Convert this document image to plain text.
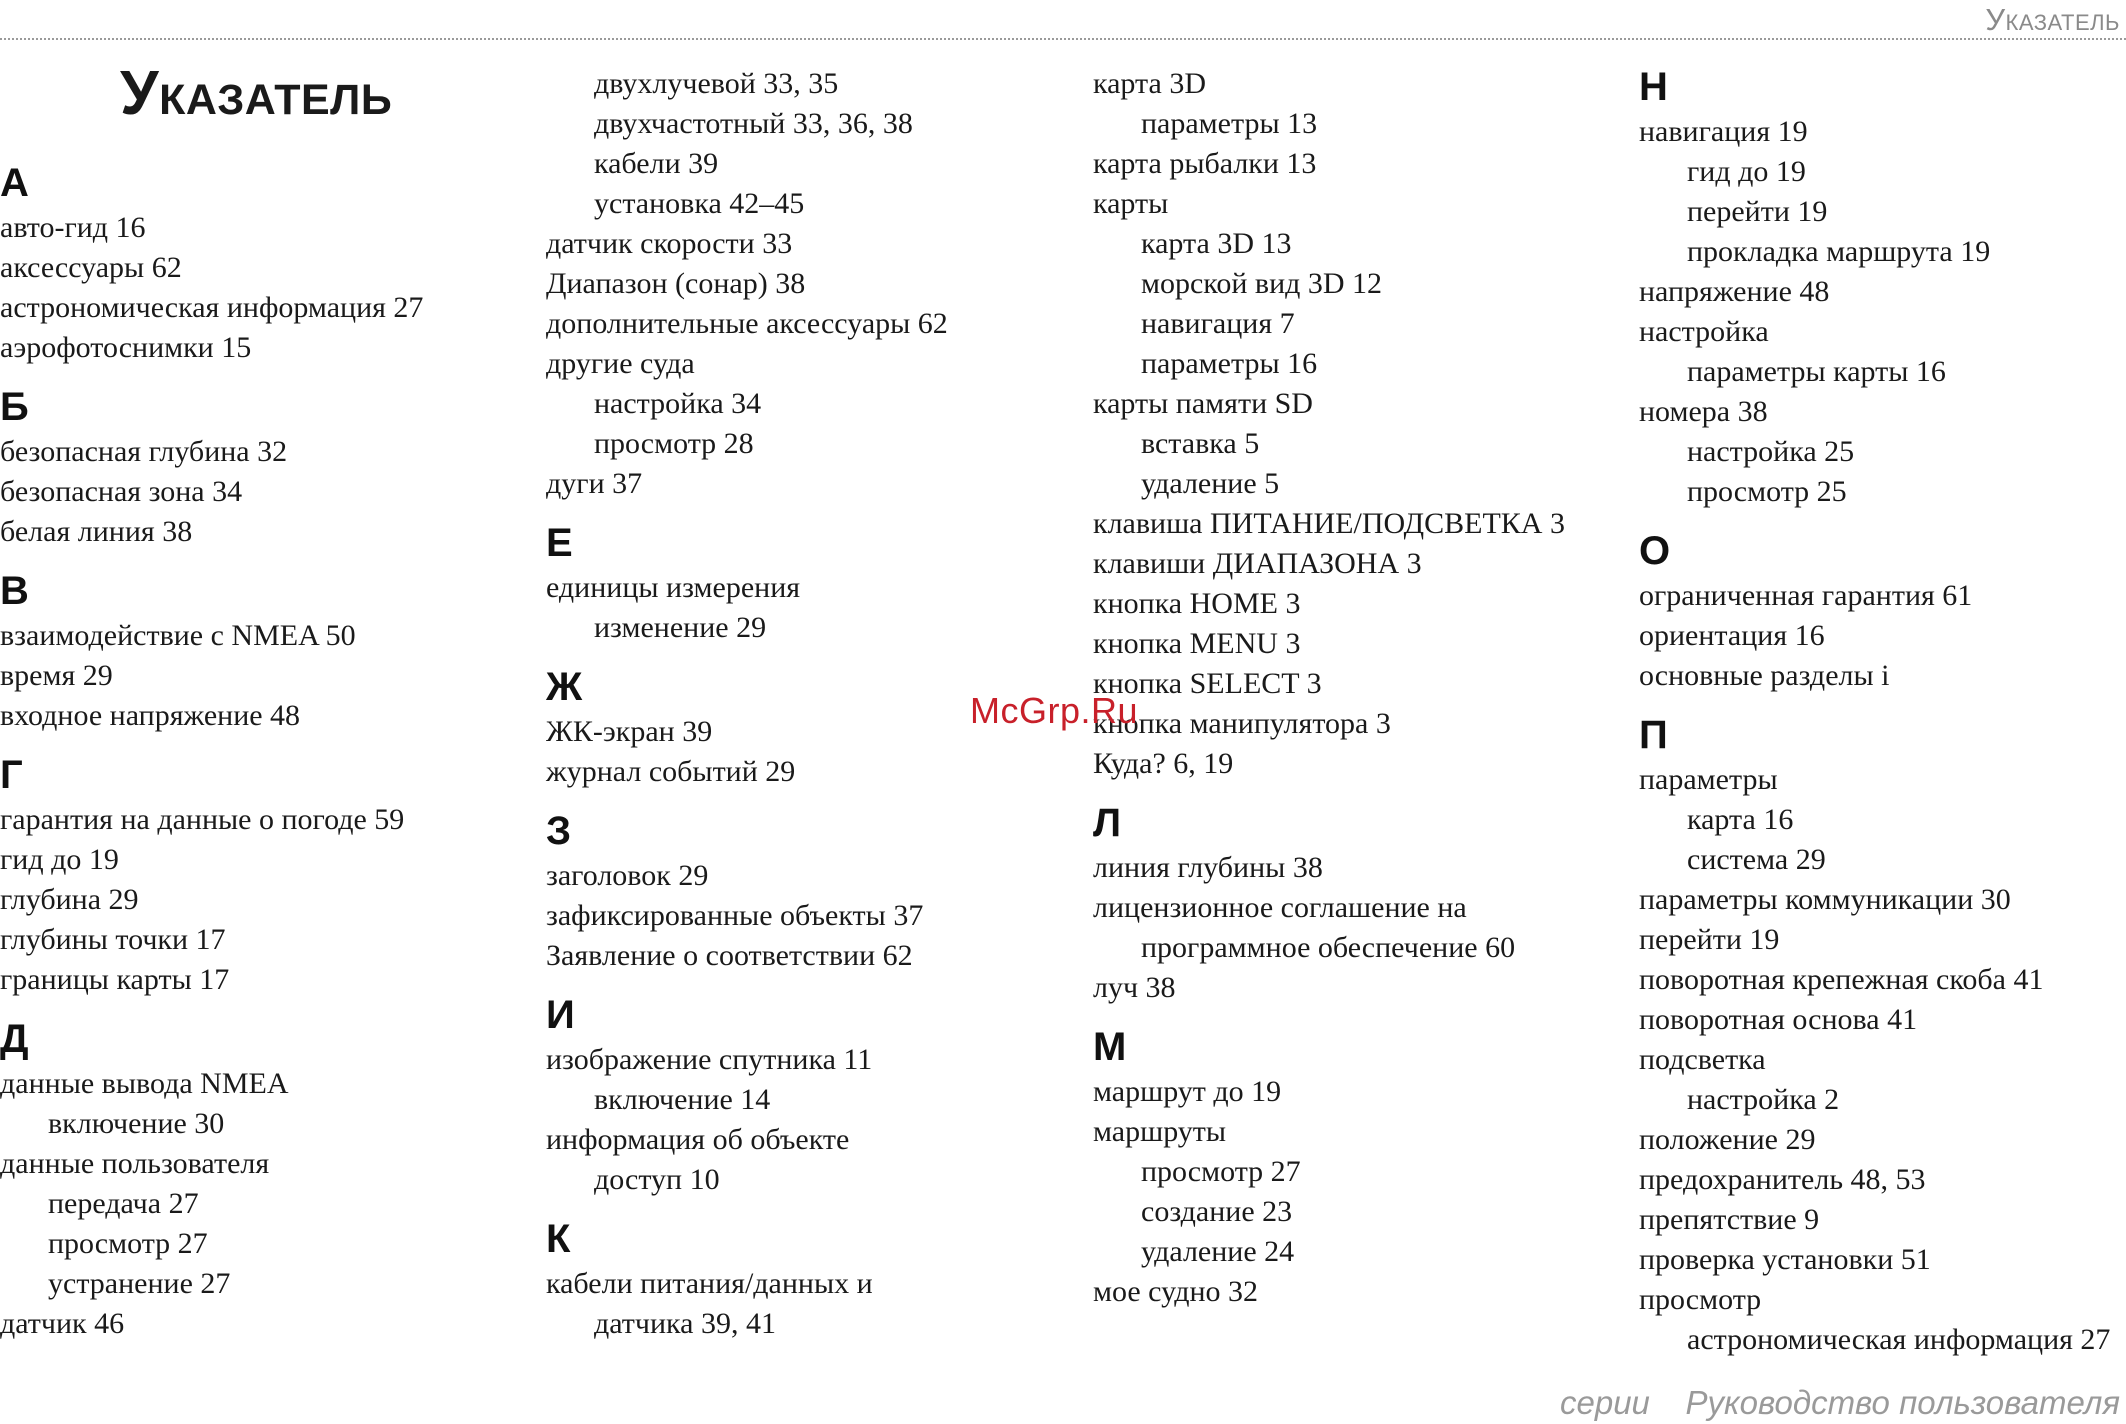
Указатель
Указатель
А
авто-гид 16
аксессуары 62
астрономическая информация 27
аэрофотоснимки 15
Б
безопасная глубина 32
безопасная зона 34
белая линия 38
В
взаимодействие с NMEA 50
время 29
входное напряжение 48
Г
гарантия на данные о погоде 59
гид до 19
глубина 29
глубины точки 17
границы карты 17
Д
данные вывода NMEA
включение 30
данные пользователя
передача 27
просмотр 27
устранение 27
датчик 46
двухлучевой 33, 35
двухчастотный 33, 36, 38
кабели 39
установка 42–45
датчик скорости 33
Диапазон (сонар) 38
дополнительные аксессуары 62
другие суда
настройка 34
просмотр 28
дуги 37
Е
единицы измерения
изменение 29
Ж
ЖК-экран 39
журнал событий 29
З
заголовок 29
зафиксированные объекты 37
Заявление о соответствии 62
И
изображение спутника 11
включение 14
информация об объекте
доступ 10
К
кабели питания/данных и
датчика 39, 41
карта 3D
параметры 13
карта рыбалки 13
карты
карта 3D 13
морской вид 3D 12
навигация 7
параметры 16
карты памяти SD
вставка 5
удаление 5
клавиша ПИТАНИЕ/ПОДСВЕТКА 3
клавиши ДИАПАЗОНА 3
кнопка HOME 3
кнопка MENU 3
кнопка SELECT 3
кнопка манипулятора 3
Куда? 6, 19
Л
линия глубины 38
лицензионное соглашение на
программное обеспечение 60
луч 38
М
маршрут до 19
маршруты
просмотр 27
создание 23
удаление 24
мое судно 32
Н
навигация 19
гид до 19
перейти 19
прокладка маршрута 19
напряжение 48
настройка
параметры карты 16
номера 38
настройка 25
просмотр 25
О
ограниченная гарантия 61
ориентация 16
основные разделы i
П
параметры
карта 16
система 29
параметры коммуникации 30
перейти 19
поворотная крепежная скоба 41
поворотная основа 41
подсветка
настройка 2
положение 29
предохранитель 48, 53
препятствие 9
проверка установки 51
просмотр
астрономическая информация 27
McGrp.Ru
серии Руководство пользователя
